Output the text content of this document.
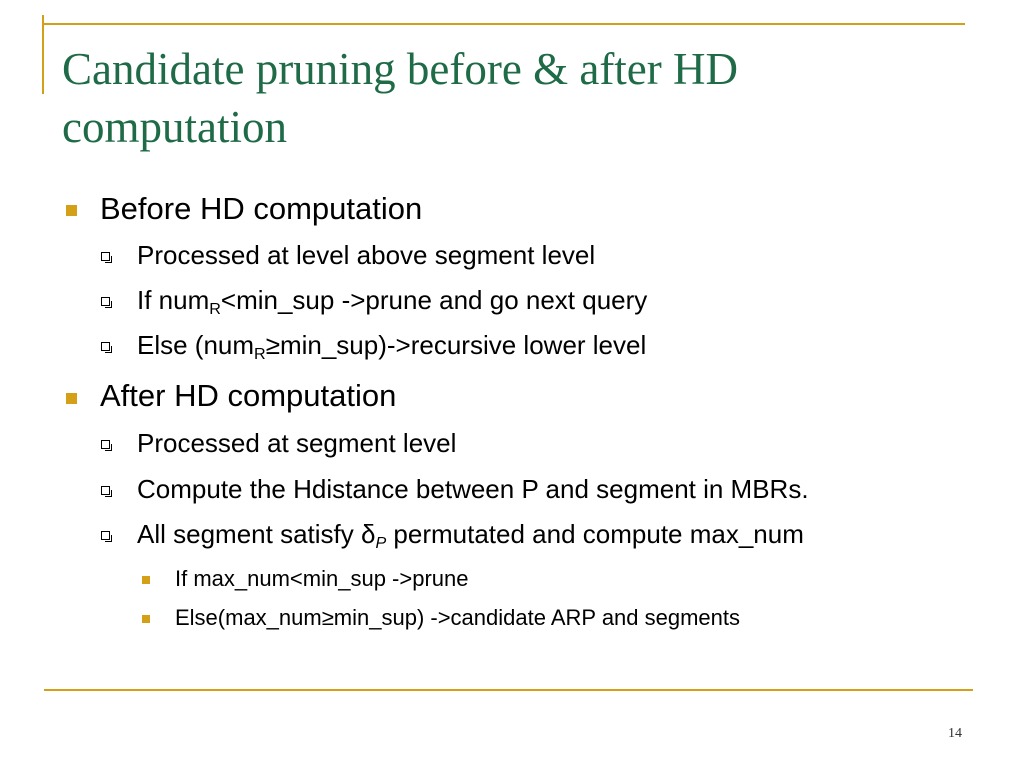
Candidate pruning before & after HD computation
Before HD computation
Processed at level above segment level
If num$_R$<min_sup ->prune and go next query
Else (num$_R$≥min_sup)->recursive lower level
After HD computation
Processed at segment level
Compute the Hdistance between P and segment in MBRs.
All segment satisfy $\delta_P$ permutated and compute max_num
If max_num<min_sup ->prune
Else(max_num≥min_sup) ->candidate ARP and segments
14
